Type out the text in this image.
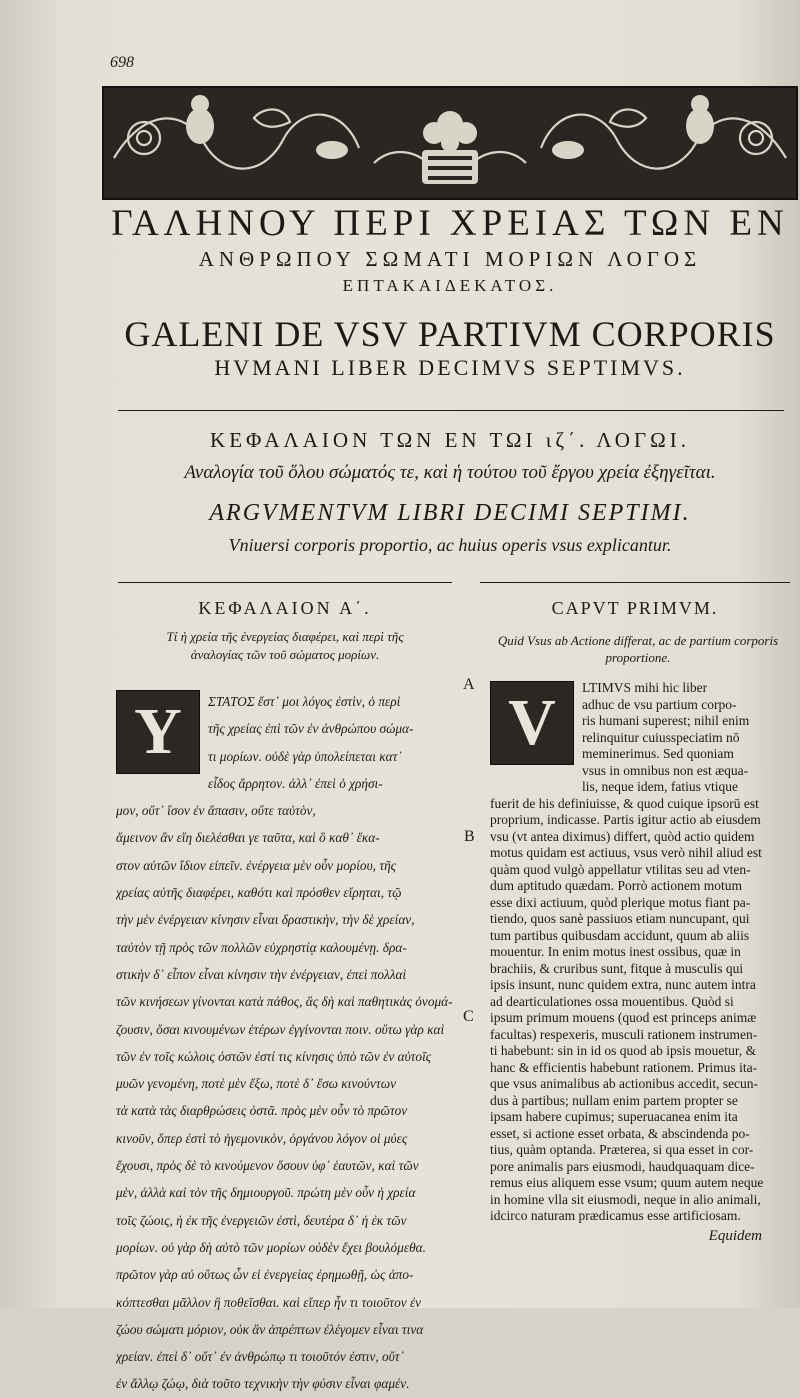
698
ΓΑΛΗΝΟΥ ΠΕΡΙ ΧΡΕΙΑΣ ΤΩΝ ΕΝ
ΑΝΘΡΩΠΟΥ ΣΩΜΑΤΙ ΜΟΡΙΩΝ ΛΟΓΟΣ
ΕΠΤΑΚΑΙΔΕΚΑΤΟΣ.
GALENI DE VSV PARTIVM CORPORIS
HVMANI LIBER DECIMVS SEPTIMVS.
ΚΕΦΑΛΑΙΟΝ ΤΩΝ ΕΝ ΤΩΙ ιζ΄. ΛΟΓΩΙ.
Αναλογία τοῦ ὅλου σώματός τε, καὶ ἡ τούτου τοῦ ἔργου χρεία ἐξηγεῖται.
ARGVMENTVM LIBRI DECIMI SEPTIMI.
Vniuersi corporis proportio, ac huius operis vsus explicantur.
ΚΕΦΑΛΑΙΟΝ Α΄.
Τί ἡ χρεία τῆς ἐνεργείας διαφέρει, καὶ περὶ τῆς ἀναλογίας τῶν τοῦ σώματος μορίων.
CAPVT PRIMVM.
Quid Vsus ab Actione differat, ac de partium corporis proportione.
Υ	V
ΣΤΑΤΟΣ ἔστ᾽ μοι λόγος ἐστὶν, ὁ περὶ
τῆς χρείας ἐπὶ τῶν ἐν ἀνθρώπου σώμα-
τι μορίων. οὐδὲ γὰρ ὑπολείπεται κατ᾽
εἶδος ἄρρητον. ἀλλ᾽ ἐπεὶ ὁ χρήσι-
μον, οὔτ᾽ ἴσον ἐν ἅπασιν, οὔτε ταὐτὸν,
ἄμεινον ἂν εἴη διελέσθαι γε ταῦτα, καὶ ὃ καθ᾽ ἕκα-
στον αὐτῶν ἴδιον εἰπεῖν. ἐνέργεια μὲν οὖν μορίου, τῆς
χρείας αὐτῆς διαφέρει, καθότι καὶ πρόσθεν εἴρηται, τῷ
τὴν μὲν ἐνέργειαν κίνησιν εἶναι δραστικὴν, τὴν δὲ χρείαν,
ταὐτὸν τῇ πρὸς τῶν πολλῶν εὐχρηστίᾳ καλουμένῃ. δρα-
στικὴν δ᾽ εἶπον εἶναι κίνησιν τὴν ἐνέργειαν, ἐπεὶ πολλαὶ
τῶν κινήσεων γίνονται κατὰ πάθος, ἃς δὴ καὶ παθητικὰς ὀνομά-
ζουσιν, ὅσαι κινουμένων ἑτέρων ἐγγίνονται ποιν. οὕτω γὰρ καὶ
τῶν ἐν τοῖς κώλοις ὀστῶν ἐστί τις κίνησις ὑπὸ τῶν ἐν αὐτοῖς
μυῶν γενομένη, ποτὲ μὲν ἔξω, ποτὲ δ᾽ ἔσω κινούντων
τὰ κατὰ τὰς διαρθρώσεις ὀστᾶ. πρὸς μὲν οὖν τὸ πρῶτον
κινοῦν, ὅπερ ἐστὶ τὸ ἡγεμονικὸν, ὀργάνου λόγον οἱ μύες
ἔχουσι, πρὸς δὲ τὸ κινούμενον ὅσουν ὑφ᾽ ἑαυτῶν, καὶ τῶν
μὲν, ἀλλὰ καὶ τὸν τῆς δημιουργοῦ. πρώτη μὲν οὖν ἡ χρεία
τοῖς ζώοις, ἡ ἐκ τῆς ἐνεργειῶν ἐστὶ, δευτέρα δ᾽ ἡ ἐκ τῶν
μορίων. οὐ γὰρ δὴ αὐτὸ τῶν μορίων οὐδὲν ἔχει βουλόμεθα.
πρῶτον γὰρ αὐ οὕτως ὧν εἰ ἐνεργείας ἐρημωθῇ, ὡς ἀπο-
κόπτεσθαι μᾶλλον ἢ ποθεῖσθαι. καὶ εἴπερ ἦν τι τοιοῦτον ἐν
ζώου σώματι μόριον, οὐκ ἂν ἀπρέπτων ἐλέγομεν εἶναι τινα
χρείαν. ἐπεὶ δ᾽ οὔτ᾽ ἐν ἀνθρώπῳ τι τοιοῦτόν ἐστιν, οὔτ᾽
ἐν ἄλλῳ ζώῳ, διὰ τοῦτο τεχνικὴν τὴν φύσιν εἶναι φαμέν.
LTIMVS mihi hic liber
adhuc de vsu partium corpo-
ris humani superest; nihil enim
relinquitur cuiusspeciatim nō
meminerimus. Sed quoniam
vsus in omnibus non est æqua-
lis, neque idem, fatius vtique
fuerit de his definiuisse, & quod cuique ipsorū est
proprium, indicasse. Partis igitur actio ab eiusdem
vsu (vt antea diximus) differt, quòd actio quidem
motus quidam est actiuus, vsus verò nihil aliud est
quàm quod vulgò appellatur vtilitas seu ad vten-
dum aptitudo quædam. Porrò actionem motum
esse dixi actiuum, quòd plerique motus fiant pa-
tiendo, quos sanè passiuos etiam nuncupant, qui
tum partibus quibusdam accidunt, quum ab aliis
mouentur. In enim motus inest ossibus, quæ in
brachiis, & cruribus sunt, fitque à musculis qui
ipsis insunt, nunc quidem extra, nunc autem intra
ad dearticulationes ossa mouentibus. Quòd si
ipsum primum mouens (quod est princeps animæ
facultas) respexeris, musculi rationem instrumen-
ti habebunt: sin in id os quod ab ipsis mouetur, &
hanc & efficientis habebunt rationem. Primus ita-
que vsus animalibus ab actionibus accedit, secun-
dus à partibus; nullam enim partem propter se
ipsam habere cupimus; superuacanea enim ita
esset, si actione esset orbata, & abscindenda po-
tius, quàm optanda. Præterea, si qua esset in cor-
pore animalis pars eiusmodi, haudquaquam dice-
remus eius aliquem esse vsum; quum autem neque
in homine vlla sit eiusmodi, neque in alio animali,
idcirco naturam prædicamus esse artificiosam.
A
B
C
Equidem
